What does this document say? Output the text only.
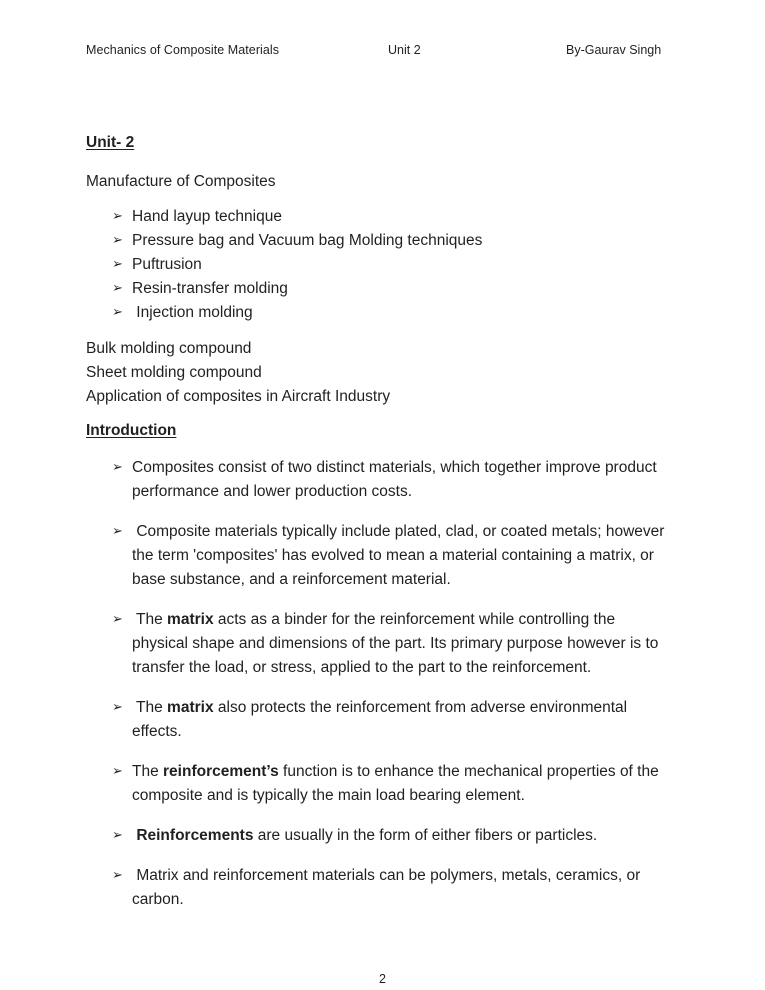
Mechanics of Composite Materials	Unit 2	By-Gaurav Singh
Unit- 2
Manufacture of Composites
➢ Hand layup technique
➢ Pressure bag and Vacuum bag Molding techniques
➢ Puftrusion
➢ Resin-transfer molding
➢ Injection molding
Bulk molding compound
Sheet molding compound
Application of composites in Aircraft Industry
Introduction
➢ Composites consist of two distinct materials, which together improve product performance and lower production costs.
➢ Composite materials typically include plated, clad, or coated metals; however the term 'composites' has evolved to mean a material containing a matrix, or base substance, and a reinforcement material.
➢ The matrix acts as a binder for the reinforcement while controlling the physical shape and dimensions of the part. Its primary purpose however is to transfer the load, or stress, applied to the part to the reinforcement.
➢ The matrix also protects the reinforcement from adverse environmental effects.
➢ The reinforcement’s function is to enhance the mechanical properties of the composite and is typically the main load bearing element.
➢ Reinforcements are usually in the form of either fibers or particles.
➢ Matrix and reinforcement materials can be polymers, metals, ceramics, or carbon.
2
